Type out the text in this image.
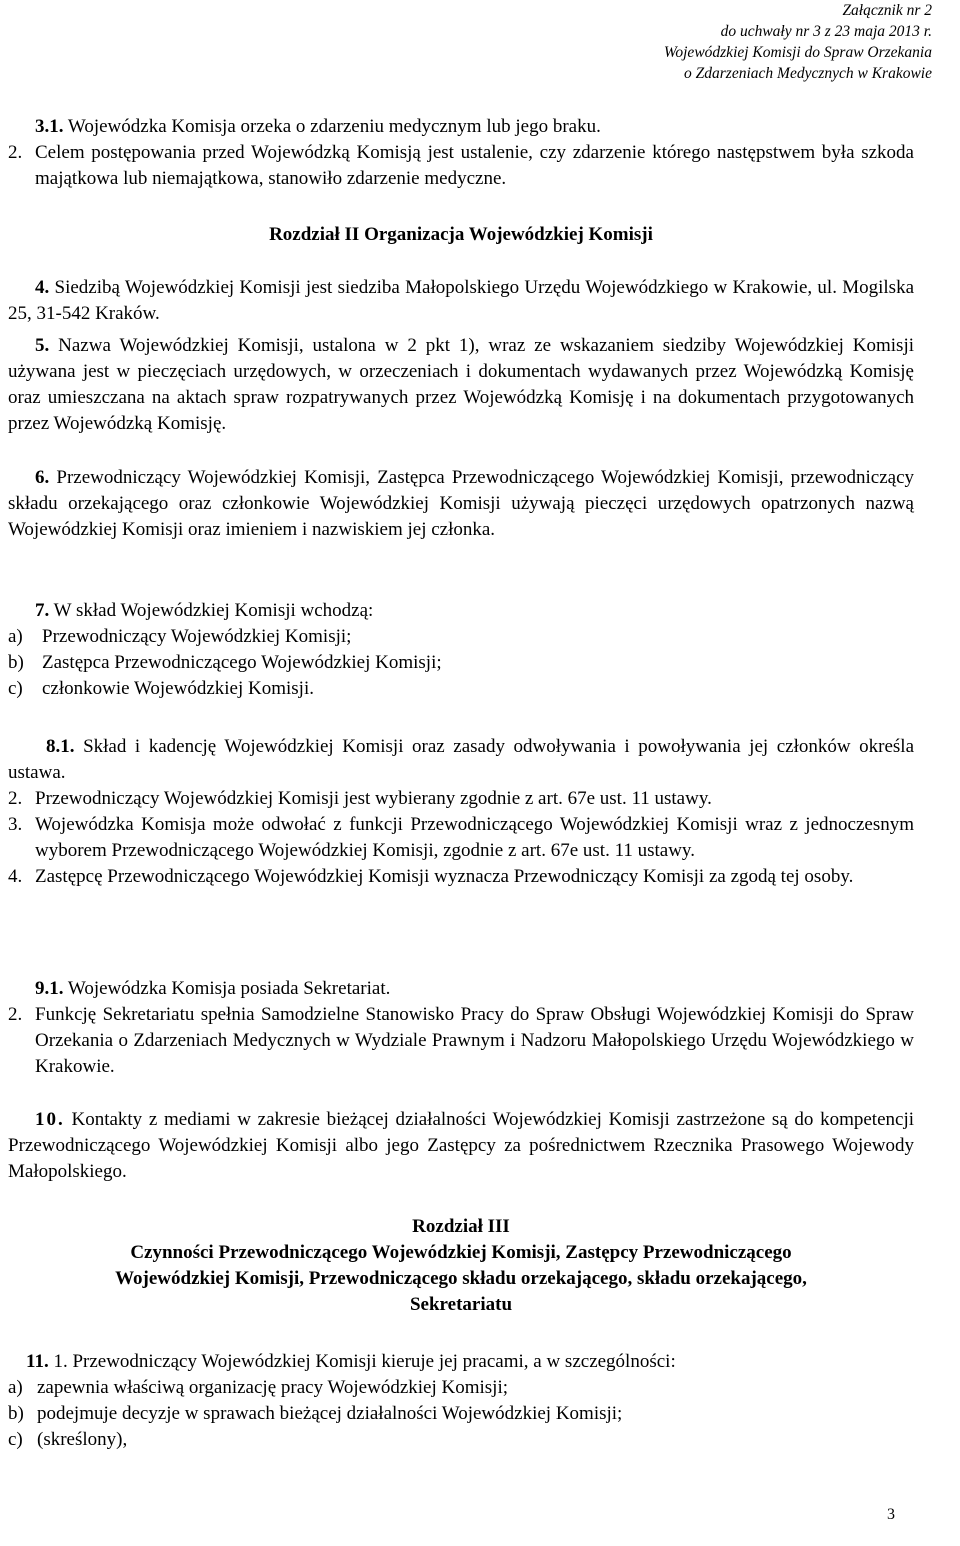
Załącznik nr 2
do uchwały nr 3 z 23 maja 2013 r.
Wojewódzkiej Komisji do Spraw Orzekania
o Zdarzeniach Medycznych w Krakowie
3.1. Wojewódzka Komisja orzeka o zdarzeniu medycznym lub jego braku.
2. Celem postępowania przed Wojewódzką Komisją jest ustalenie, czy zdarzenie którego następstwem była szkoda majątkowa lub niemajątkowa, stanowiło zdarzenie medyczne.
Rozdział II Organizacja Wojewódzkiej Komisji
4. Siedzibą Wojewódzkiej Komisji jest siedziba Małopolskiego Urzędu Wojewódzkiego w Krakowie, ul. Mogilska 25, 31-542 Kraków.
5. Nazwa Wojewódzkiej Komisji, ustalona w 2 pkt 1), wraz ze wskazaniem siedziby Wojewódzkiej Komisji używana jest w pieczęciach urzędowych, w orzeczeniach i dokumentach wydawanych przez Wojewódzką Komisję oraz umieszczana na aktach spraw rozpatrywanych przez Wojewódzką Komisję i na dokumentach przygotowanych przez Wojewódzką Komisję.
6. Przewodniczący Wojewódzkiej Komisji, Zastępca Przewodniczącego Wojewódzkiej Komisji, przewodniczący składu orzekającego oraz członkowie Wojewódzkiej Komisji używają pieczęci urzędowych opatrzonych nazwą Wojewódzkiej Komisji oraz imieniem i nazwiskiem jej członka.
7. W skład Wojewódzkiej Komisji wchodzą:
a)	Przewodniczący Wojewódzkiej Komisji;
b) Zastępca Przewodniczącego Wojewódzkiej Komisji;
c)	członkowie Wojewódzkiej Komisji.
8.1. Skład i kadencję Wojewódzkiej Komisji oraz zasady odwoływania i powoływania jej członków określa ustawa.
2. Przewodniczący Wojewódzkiej Komisji jest wybierany zgodnie z art. 67e ust. 11 ustawy.
3. Wojewódzka Komisja może odwołać z funkcji Przewodniczącego Wojewódzkiej Komisji wraz z jednoczesnym wyborem Przewodniczącego Wojewódzkiej Komisji, zgodnie z art. 67e ust. 11 ustawy.
4. Zastępcę Przewodniczącego Wojewódzkiej Komisji wyznacza Przewodniczący Komisji za zgodą tej osoby.
9.1. Wojewódzka Komisja posiada Sekretariat.
2. Funkcję Sekretariatu spełnia Samodzielne Stanowisko Pracy do Spraw Obsługi Wojewódzkiej Komisji do Spraw Orzekania o Zdarzeniach Medycznych w Wydziale Prawnym i Nadzoru Małopolskiego Urzędu Wojewódzkiego w Krakowie.
10. Kontakty z mediami w zakresie bieżącej działalności Wojewódzkiej Komisji zastrzeżone są do kompetencji Przewodniczącego Wojewódzkiej Komisji albo jego Zastępcy za pośrednictwem Rzecznika Prasowego Wojewody Małopolskiego.
Rozdział III
Czynności Przewodniczącego Wojewódzkiej Komisji, Zastępcy Przewodniczącego
Wojewódzkiej Komisji, Przewodniczącego składu orzekającego, składu orzekającego,
Sekretariatu
11. 1. Przewodniczący Wojewódzkiej Komisji kieruje jej pracami, a w szczególności:
a) zapewnia właściwą organizację pracy Wojewódzkiej Komisji;
b) podejmuje decyzje w sprawach bieżącej działalności Wojewódzkiej Komisji;
c) (skreślony),
3
